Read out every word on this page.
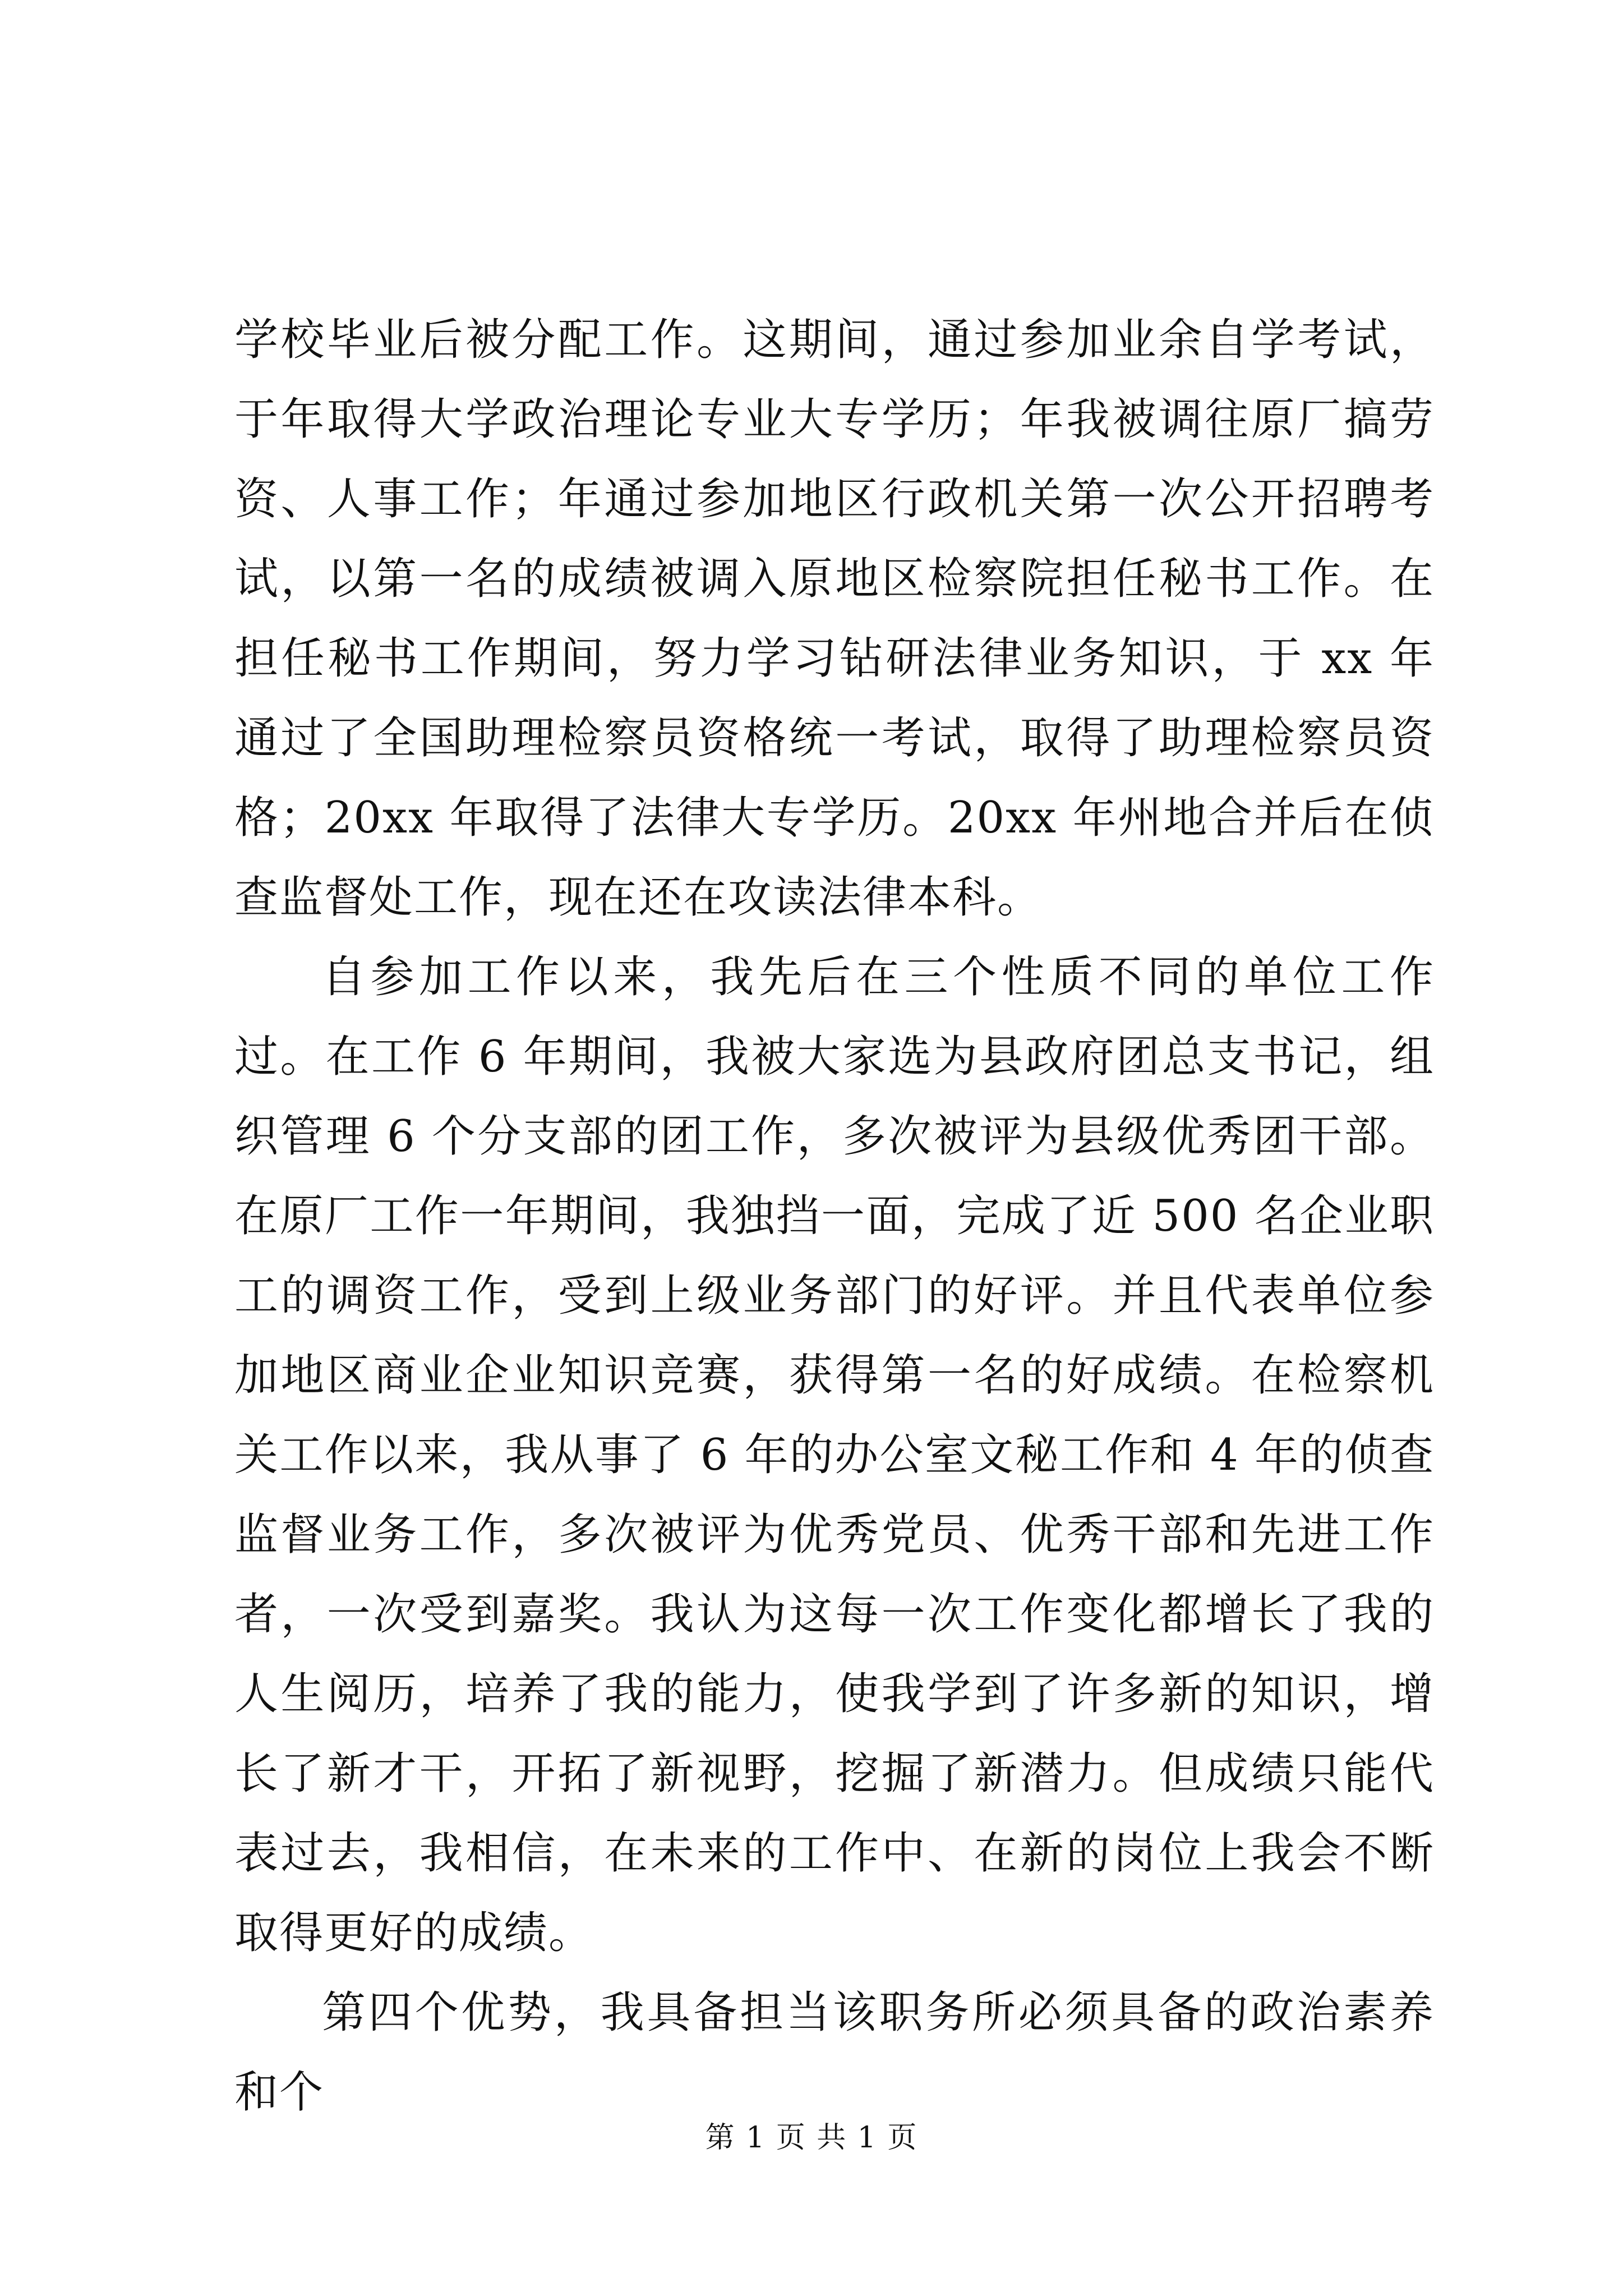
学校毕业后被分配工作。这期间，通过参加业余自学考试，于年取得大学政治理论专业大专学历；年我被调往原厂搞劳资、人事工作；年通过参加地区行政机关第一次公开招聘考试，以第一名的成绩被调入原地区检察院担任秘书工作。在担任秘书工作期间，努力学习钻研法律业务知识，于 xx 年通过了全国助理检察员资格统一考试，取得了助理检察员资格；20xx 年取得了法律大专学历。20xx 年州地合并后在侦查监督处工作，现在还在攻读法律本科。

自参加工作以来，我先后在三个性质不同的单位工作过。在工作 6 年期间，我被大家选为县政府团总支书记，组织管理 6 个分支部的团工作，多次被评为县级优秀团干部。在原厂工作一年期间，我独挡一面，完成了近 500 名企业职工的调资工作，受到上级业务部门的好评。并且代表单位参加地区商业企业知识竞赛，获得第一名的好成绩。在检察机关工作以来，我从事了 6 年的办公室文秘工作和 4 年的侦查监督业务工作，多次被评为优秀党员、优秀干部和先进工作者，一次受到嘉奖。我认为这每一次工作变化都增长了我的人生阅历，培养了我的能力，使我学到了许多新的知识，增长了新才干，开拓了新视野，挖掘了新潜力。但成绩只能代表过去，我相信，在未来的工作中、在新的岗位上我会不断取得更好的成绩。

第四个优势，我具备担当该职务所必须具备的政治素养和个

第 1 页 共 1 页
